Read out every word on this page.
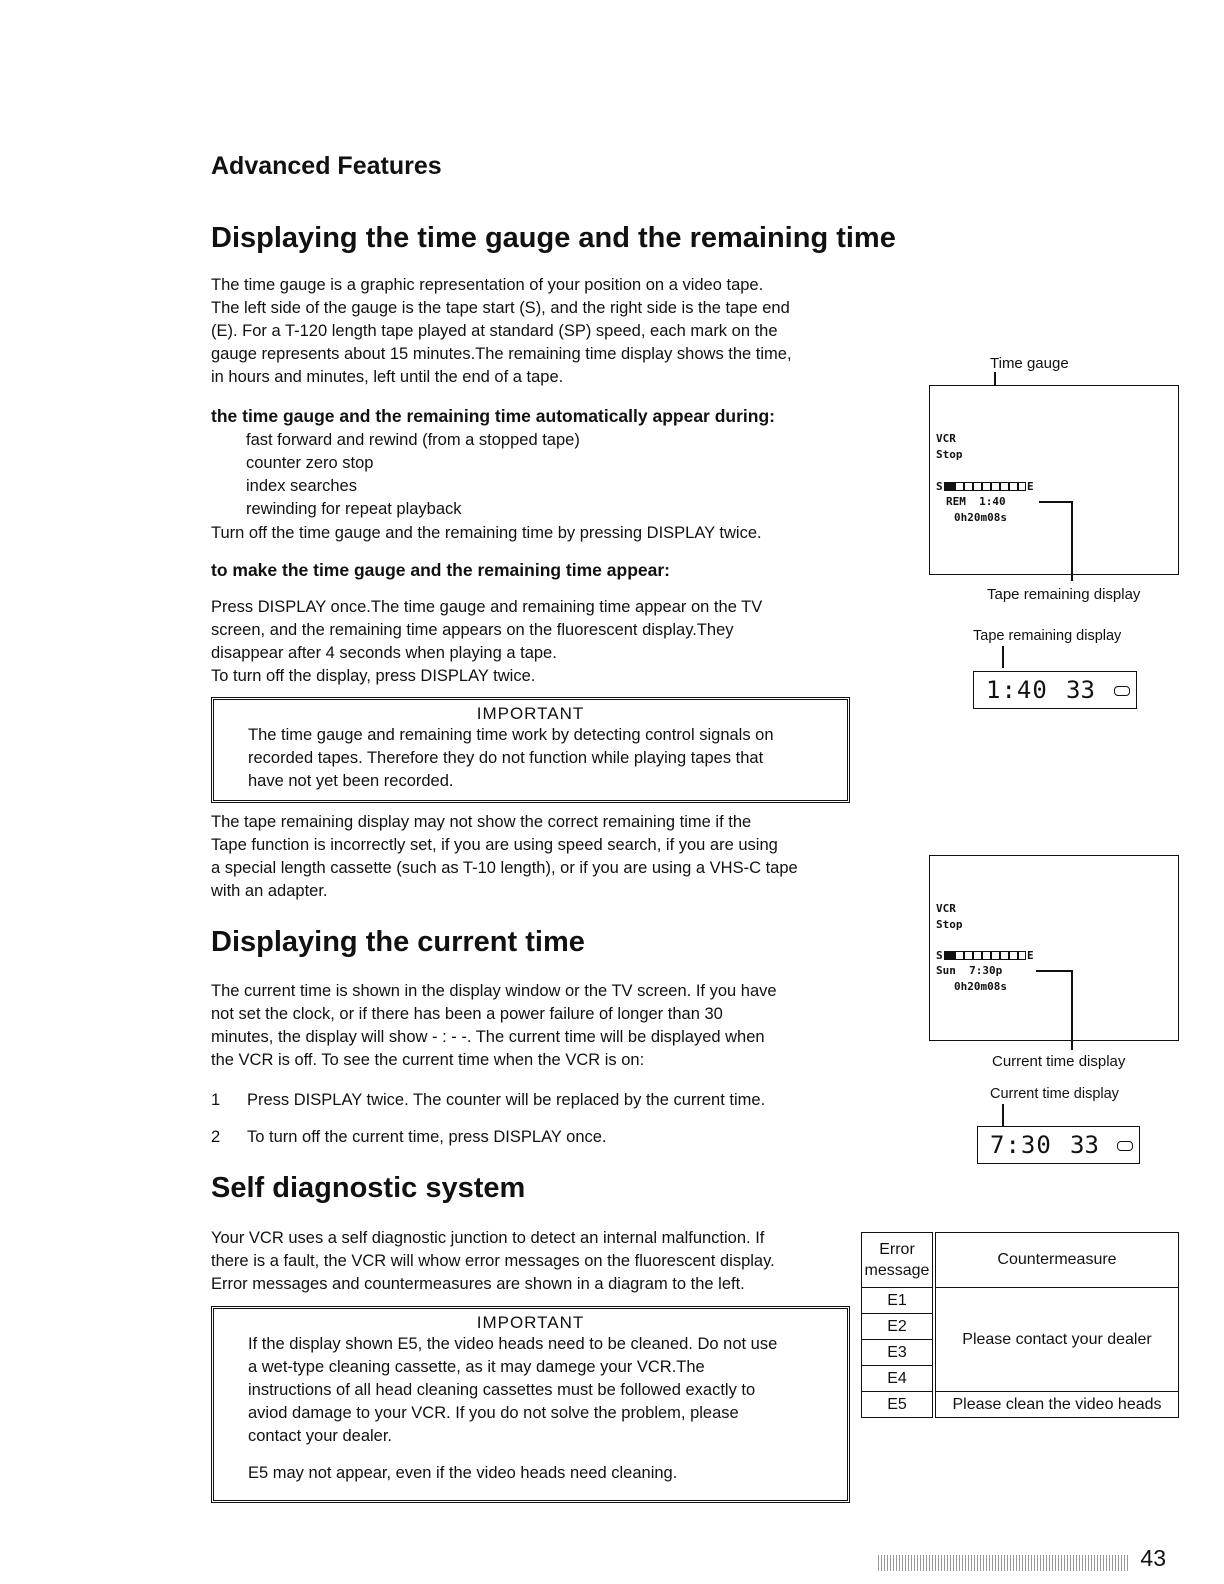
Advanced Features
Displaying the time gauge and the remaining time
The time gauge is a graphic representation of your position on a video tape.
The left side of the gauge is the tape start (S), and the right side is the tape end
(E). For a T-120 length tape played at standard (SP) speed, each mark on the
gauge represents about 15 minutes.The remaining time display shows the time,
in hours and minutes, left until the end of a tape.
the time gauge and the remaining time automatically appear during:
fast forward and rewind (from a stopped tape)
counter zero stop
index searches
rewinding for repeat playback
Turn off the time gauge and the remaining time by pressing DISPLAY twice.
to make the time gauge and the remaining time appear:
Press DISPLAY once.The time gauge and remaining time appear on the TV
screen, and the remaining time appears on the fluorescent display.They
disappear after 4 seconds when playing a tape.
To turn off the display, press DISPLAY twice.
IMPORTANT
The time gauge and remaining time work by detecting control signals on
recorded tapes. Therefore they do not function while playing tapes that
have not yet been recorded.
The tape remaining display may not show the correct remaining time if the
Tape function is incorrectly set, if you are using speed search, if you are using
a special length cassette (such as T-10 length), or if you are using a VHS-C tape
with an adapter.
Displaying the current time
The current time is shown in the display window or the TV screen. If you have
not set the clock, or if there has been a power failure of longer than 30
minutes, the display will show - : - -. The current time will be displayed when
the VCR is off. To see the current time when the VCR is on:
1 Press DISPLAY twice. The counter will be replaced by the current time.
2 To turn off the current time, press DISPLAY once.
Self diagnostic system
Your VCR uses a self diagnostic junction to detect an internal malfunction. If
there is a fault, the VCR will whow error messages on the fluorescent display.
Error messages and countermeasures are shown in a diagram to the left.
IMPORTANT
If the display shown E5, the video heads need to be cleaned. Do not use
a wet-type cleaning cassette, as it may damege your VCR.The
instructions of all head cleaning cassettes must be followed exactly to
aviod damage to your VCR. If you do not solve the problem, please
contact your dealer.
E5 may not appear, even if the video heads need cleaning.
Time gauge
VCR
Stop
S	E
REM  1:40
0h20m08s
Tape remaining display
Tape remaining display
1:40 33
VCR
Stop
S	E
Sun  7:30p
0h20m08s
Current time display
Current time display
7:30 33
Error
message	Countermeasure
E1	Please contact your dealer
E2	
E3	
E4	
E5	Please clean the video heads
43
